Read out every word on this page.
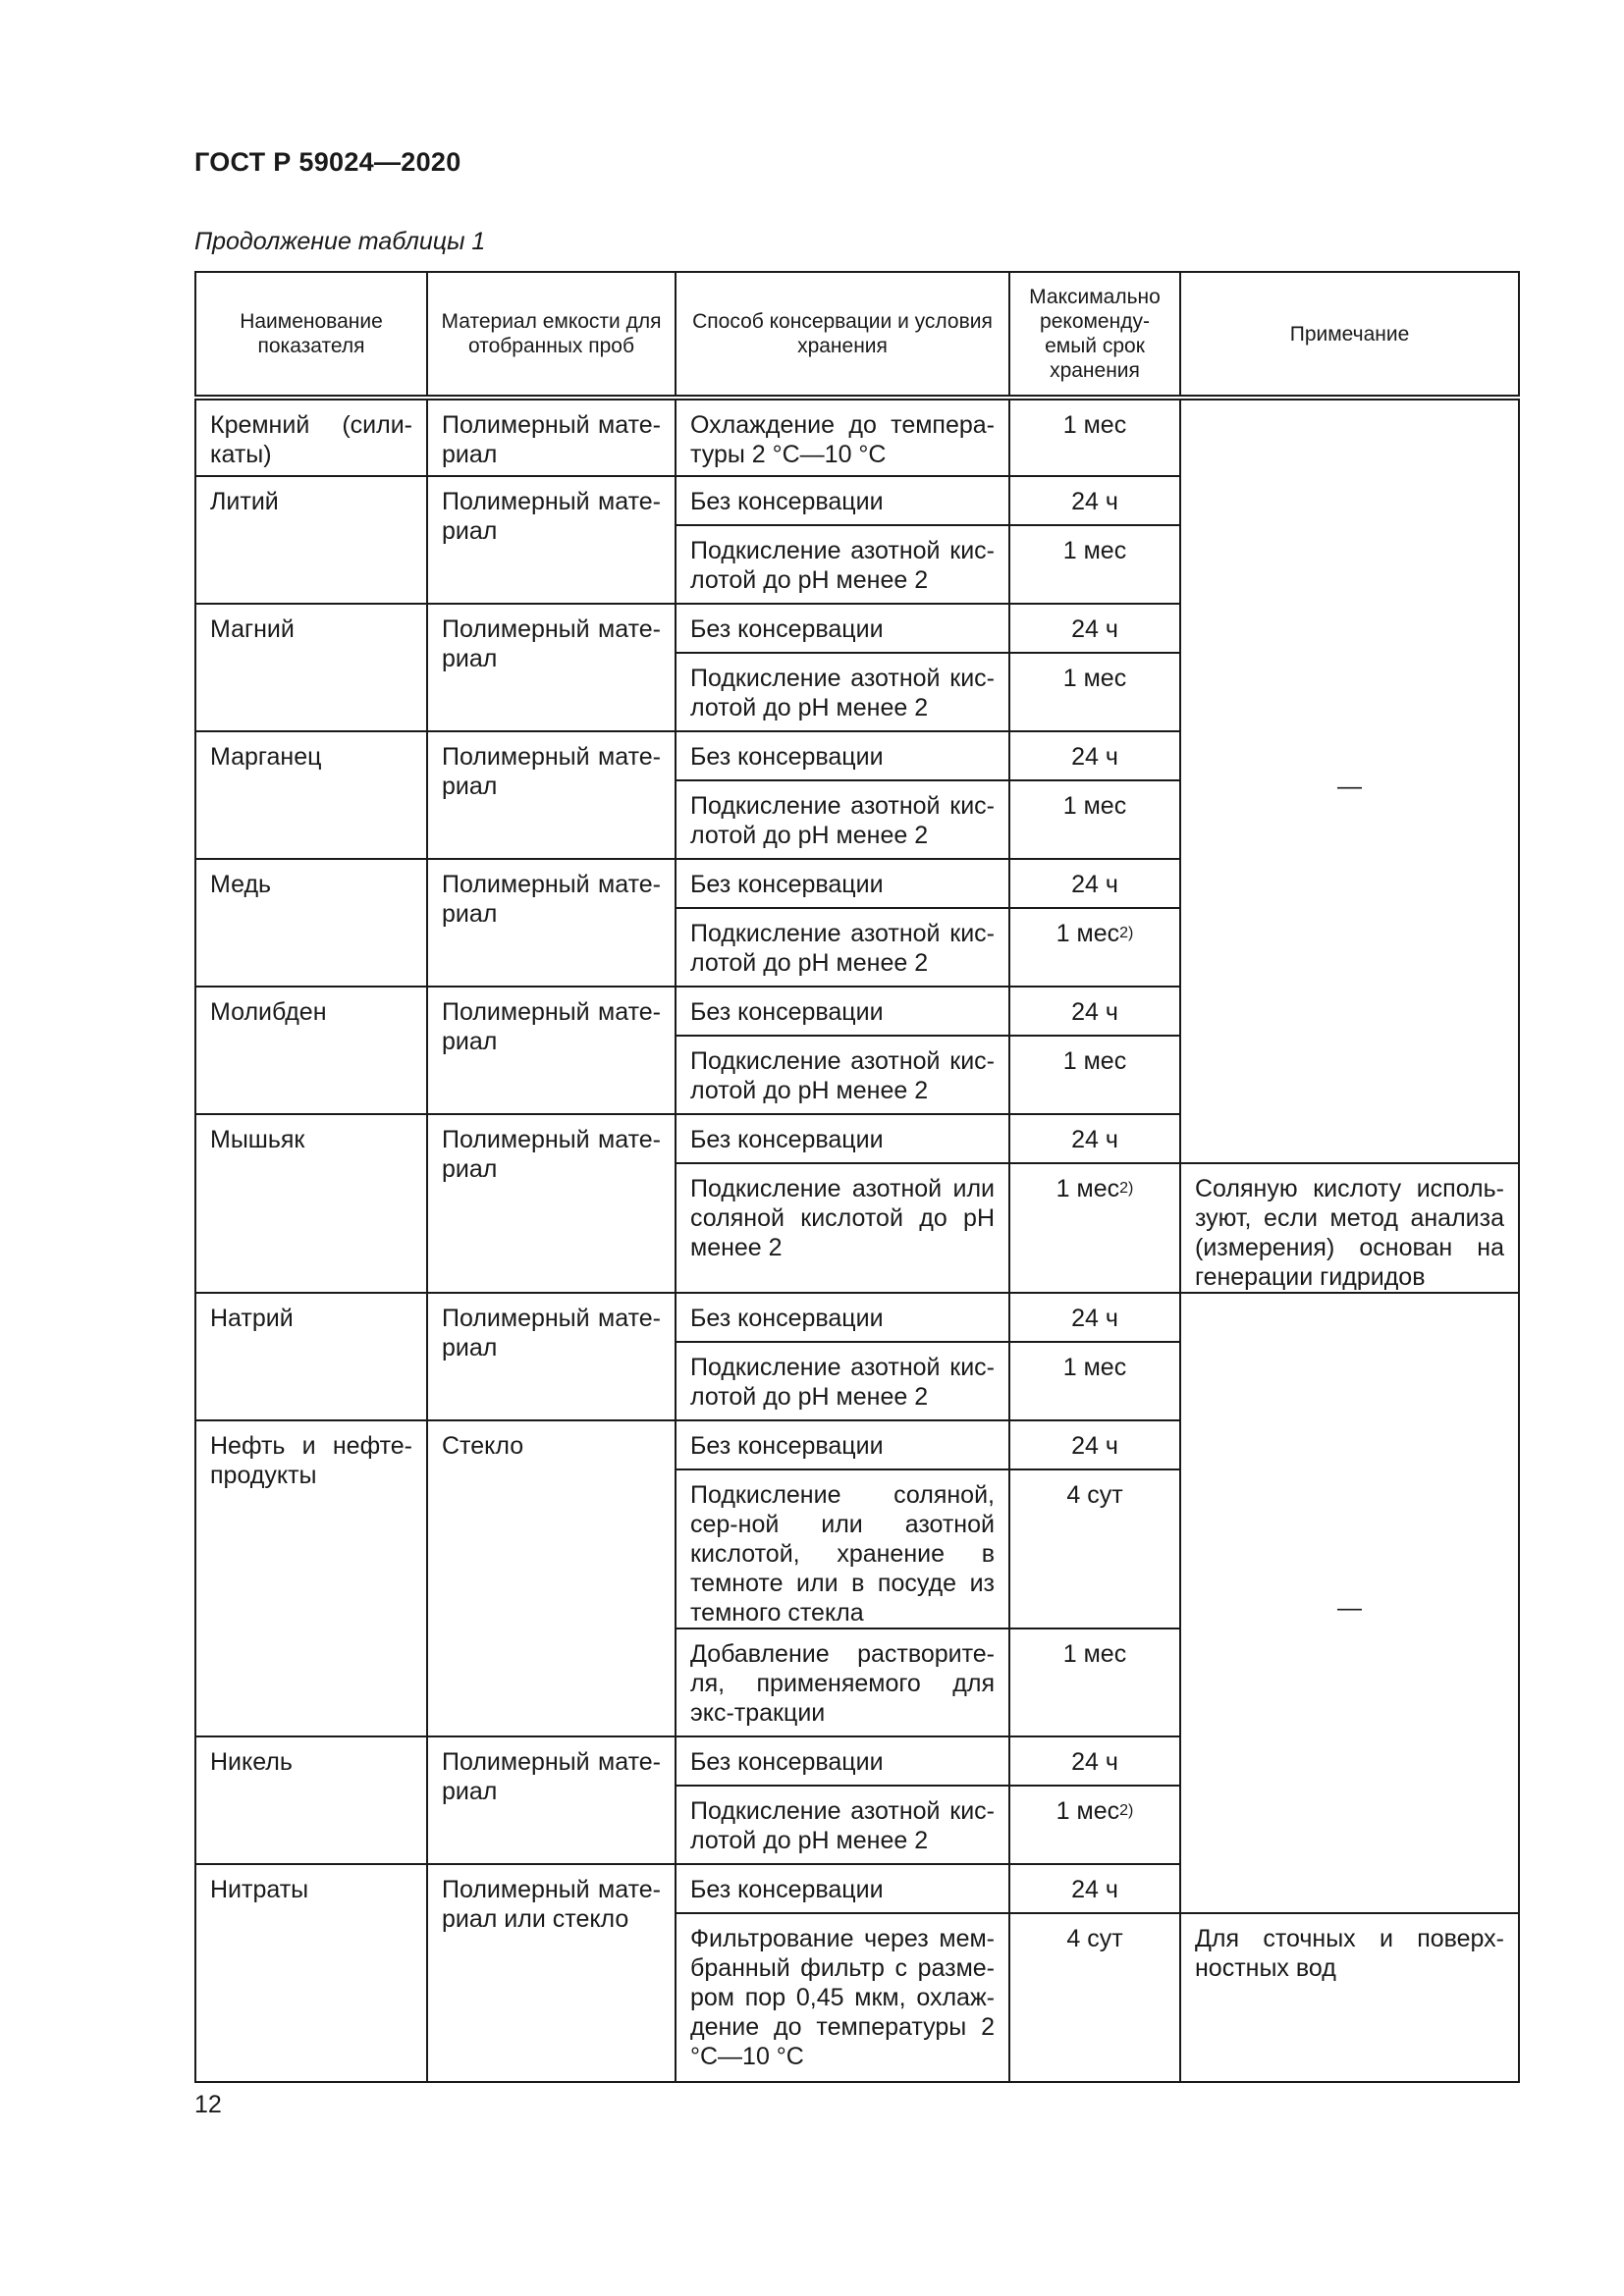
ГОСТ Р 59024—2020
Продолжение таблицы 1
Наименование показателя	Материал емкости для отобранных проб	Способ консервации и условия хранения	Максимально рекоменду-емый срок хранения	Примечание
Кремний (сили-каты)	Полимерный мате-риал	Охлаждение до темпера-туры 2 °С—10 °С	1 мес	—
Литий	Полимерный мате-риал	Без консервации	24 ч	
		Подкисление азотной кис-лотой до pH менее 2	1 мес	
Магний	Полимерный мате-риал	Без консервации	24 ч	
		Подкисление азотной кис-лотой до pH менее 2	1 мес	
Марганец	Полимерный мате-риал	Без консервации	24 ч	
		Подкисление азотной кис-лотой до pH менее 2	1 мес	
Медь	Полимерный мате-риал	Без консервации	24 ч	
		Подкисление азотной кис-лотой до pH менее 2	1 мес$^{2)}$
Молибден	Полимерный мате-риал	Без консервации	24 ч	
		Подкисление азотной кис-лотой до pH менее 2	1 мес	
Мышьяк	Полимерный мате-риал	Без консервации	24 ч	
		Подкисление азотной или соляной кислотой до pH менее 2	1 мес$^{2)}$	Соляную кислоту исполь-зуют, если метод анализа (измерения) основан на генерации гидридов
Натрий	Полимерный мате-риал	Без консервации	24 ч	—
		Подкисление азотной кис-лотой до pH менее 2	1 мес	
Нефть и нефте-продукты	Стекло	Без консервации	24 ч	
		Подкисление соляной, сер-ной или азотной кислотой, хранение в темноте или в посуде из темного стекла	4 сут	
		Добавление растворите-ля, применяемого для экс-тракции	1 мес	
Никель	Полимерный мате-риал	Без консервации	24 ч	
		Подкисление азотной кис-лотой до pH менее 2	1 мес$^{2)}$
Нитраты	Полимерный мате-риал или стекло	Без консервации	24 ч	
		Фильтрование через мем-бранный фильтр с разме-ром пор 0,45 мкм, охлаж-дение до температуры 2 °С—10 °С	4 сут	Для сточных и поверх-ностных вод
12
